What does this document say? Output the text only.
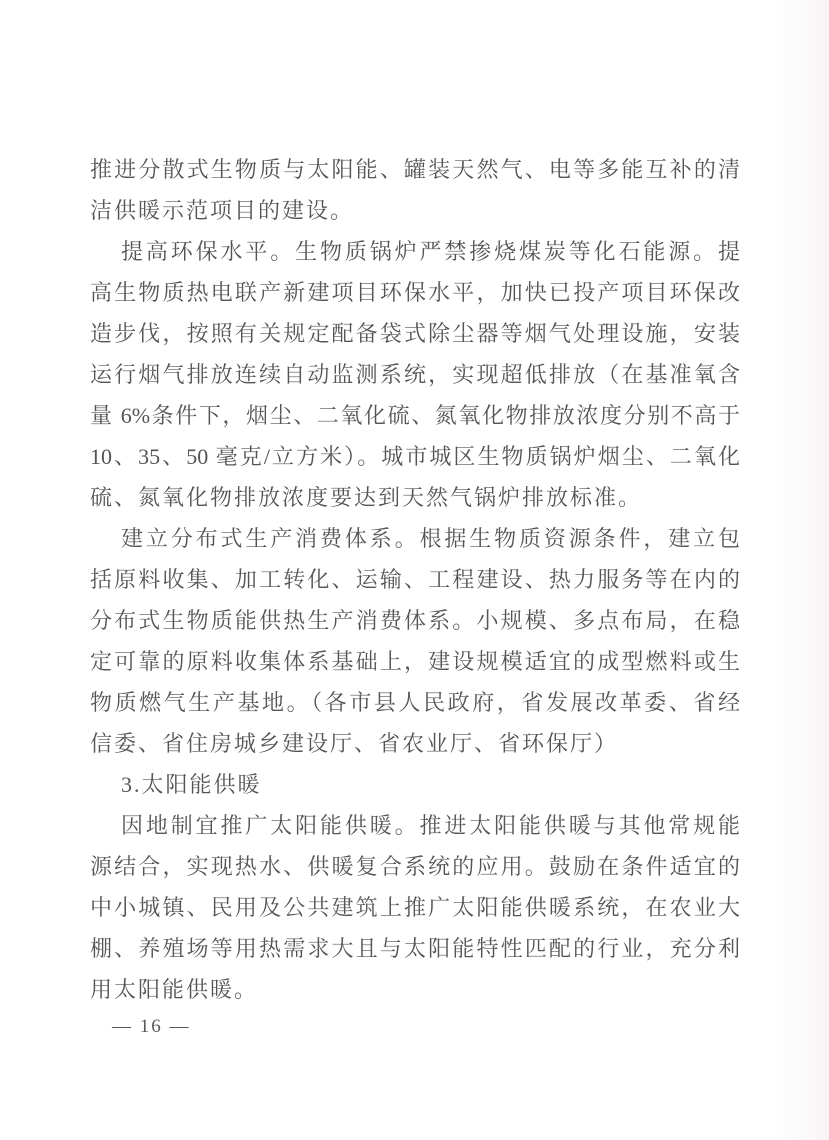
推进分散式生物质与太阳能、罐装天然气、电等多能互补的清
洁供暖示范项目的建设。
提高环保水平。生物质锅炉严禁掺烧煤炭等化石能源。提
高生物质热电联产新建项目环保水平，加快已投产项目环保改
造步伐，按照有关规定配备袋式除尘器等烟气处理设施，安装
运行烟气排放连续自动监测系统，实现超低排放（在基准氧含
量 6%条件下，烟尘、二氧化硫、氮氧化物排放浓度分别不高于
10、35、50 毫克/立方米）。城市城区生物质锅炉烟尘、二氧化
硫、氮氧化物排放浓度要达到天然气锅炉排放标准。
建立分布式生产消费体系。根据生物质资源条件，建立包
括原料收集、加工转化、运输、工程建设、热力服务等在内的
分布式生物质能供热生产消费体系。小规模、多点布局，在稳
定可靠的原料收集体系基础上，建设规模适宜的成型燃料或生
物质燃气生产基地。（各市县人民政府，省发展改革委、省经
信委、省住房城乡建设厅、省农业厅、省环保厅）
3.太阳能供暖
因地制宜推广太阳能供暖。推进太阳能供暖与其他常规能
源结合，实现热水、供暖复合系统的应用。鼓励在条件适宜的
中小城镇、民用及公共建筑上推广太阳能供暖系统，在农业大
棚、养殖场等用热需求大且与太阳能特性匹配的行业，充分利
用太阳能供暖。
— 16 —
